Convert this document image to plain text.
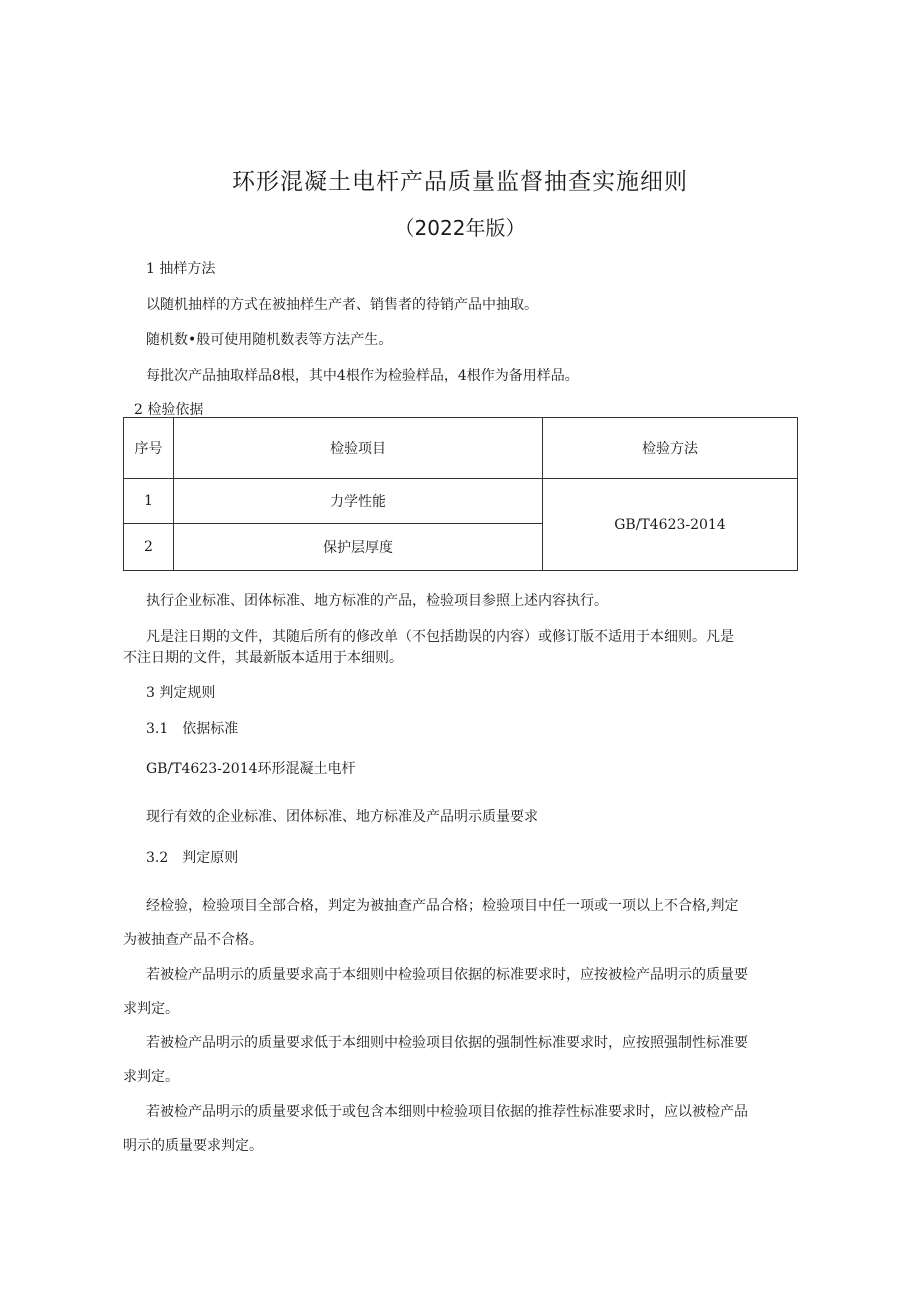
环形混凝土电杆产品质量监督抽查实施细则
（2022年版）
1 抽样方法
以随机抽样的方式在被抽样生产者、销售者的待销产品中抽取。
随机数•般可使用随机数表等方法产生。
每批次产品抽取样品8根，其中4根作为检验样品，4根作为备用样品。
2 检验依据
序号	检验项目	检验方法
1	力学性能	GB/T4623-2014
2	保护层厚度	
执行企业标准、团体标准、地方标准的产品，检验项目参照上述内容执行。
凡是注日期的文件，其随后所有的修改单（不包括勘误的内容）或修订版不适用于本细则。凡是
不注日期的文件，其最新版本适用于本细则。
3 判定规则
3.1　依据标准
GB/T4623-2014环形混凝土电杆
现行有效的企业标准、团体标准、地方标准及产品明示质量要求
3.2　判定原则
经检验，检验项目全部合格，判定为被抽查产品合格；检验项目中任一项或一项以上不合格,判定
为被抽查产品不合格。
若被检产品明示的质量要求高于本细则中检验项目依据的标准要求时，应按被检产品明示的质量要
求判定。
若被检产品明示的质量要求低于本细则中检验项目依据的强制性标准要求时，应按照强制性标准要
求判定。
若被检产品明示的质量要求低于或包含本细则中检验项目依据的推荐性标准要求时，应以被检产品
明示的质量要求判定。
